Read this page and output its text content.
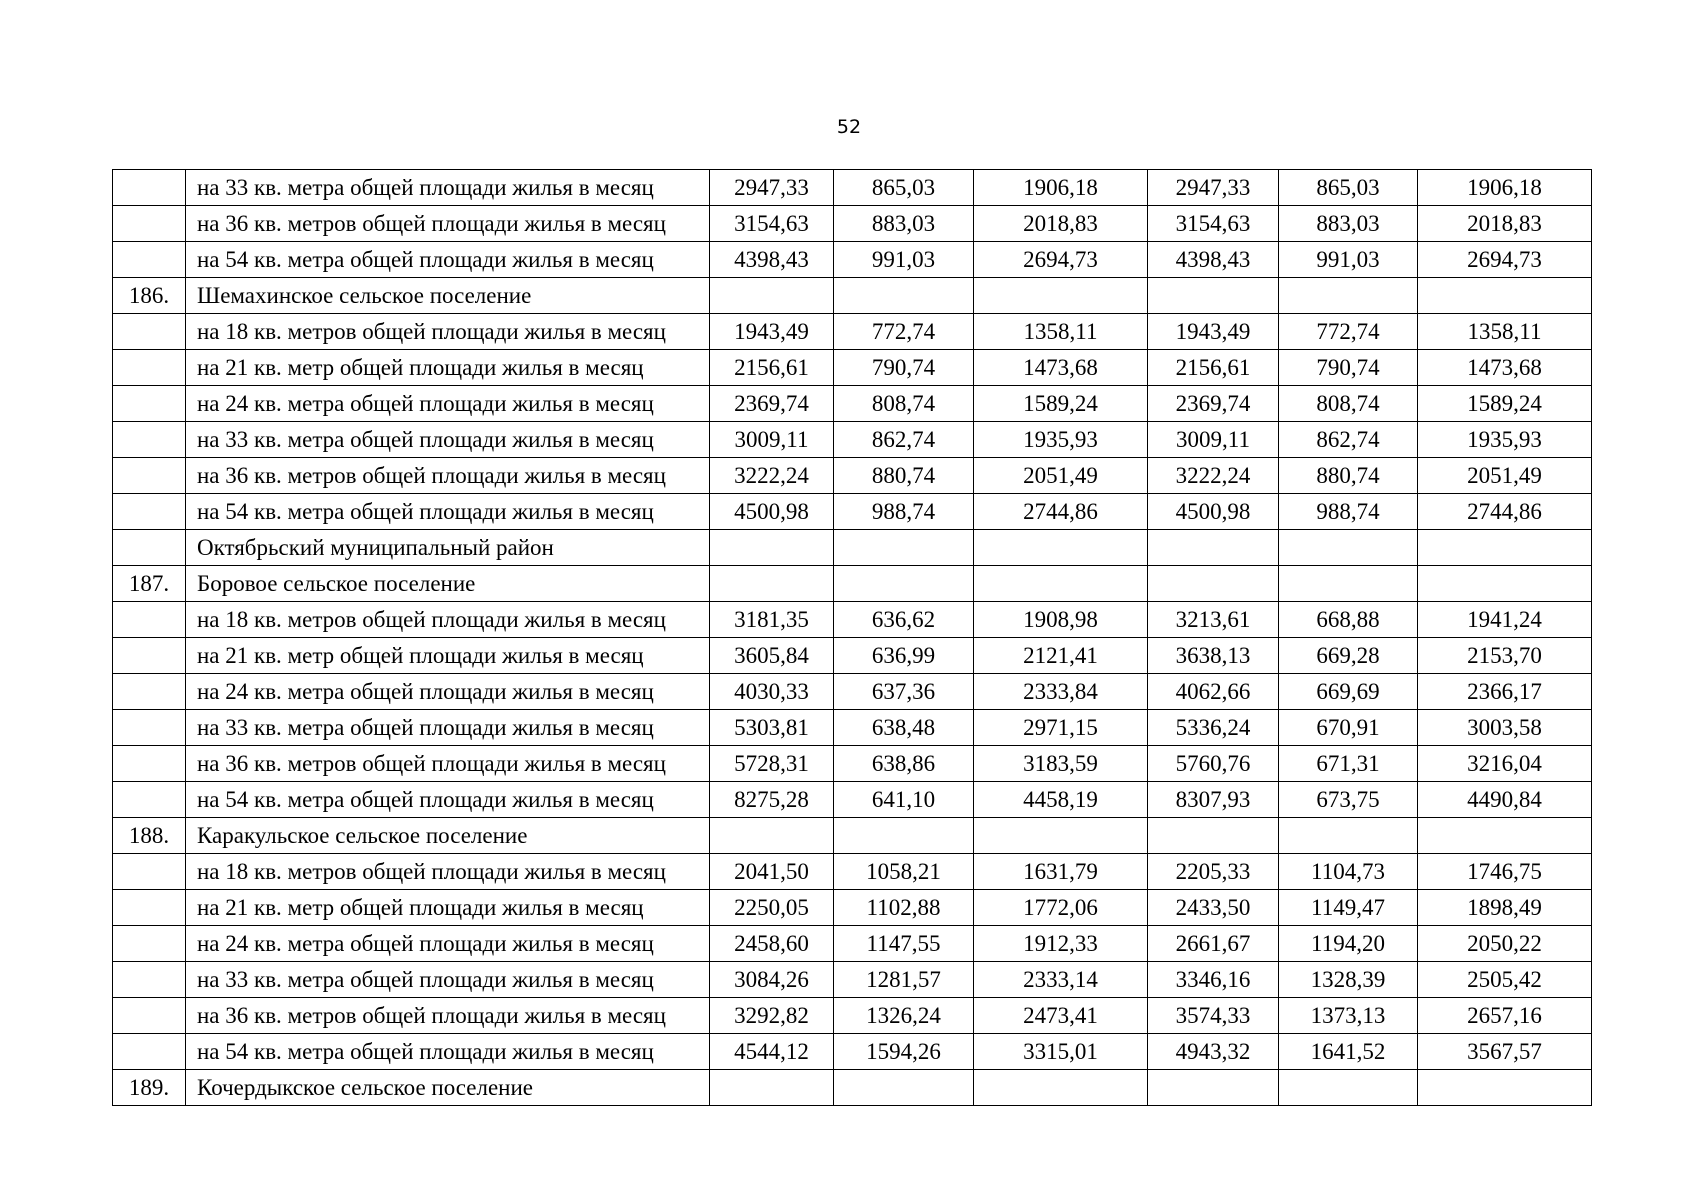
52
	на 33 кв. метра общей площади жилья в месяц	2947,33	865,03	1906,18	2947,33	865,03	1906,18
	на 36 кв. метров общей площади жилья в месяц	3154,63	883,03	2018,83	3154,63	883,03	2018,83
	на 54 кв. метра общей площади жилья в месяц	4398,43	991,03	2694,73	4398,43	991,03	2694,73
186.	Шемахинское сельское поселение						
	на 18 кв. метров общей площади жилья в месяц	1943,49	772,74	1358,11	1943,49	772,74	1358,11
	на 21 кв. метр общей площади жилья в месяц	2156,61	790,74	1473,68	2156,61	790,74	1473,68
	на 24 кв. метра общей площади жилья в месяц	2369,74	808,74	1589,24	2369,74	808,74	1589,24
	на 33 кв. метра общей площади жилья в месяц	3009,11	862,74	1935,93	3009,11	862,74	1935,93
	на 36 кв. метров общей площади жилья в месяц	3222,24	880,74	2051,49	3222,24	880,74	2051,49
	на 54 кв. метра общей площади жилья в месяц	4500,98	988,74	2744,86	4500,98	988,74	2744,86
	Октябрьский муниципальный район						
187.	Боровое сельское поселение						
	на 18 кв. метров общей площади жилья в месяц	3181,35	636,62	1908,98	3213,61	668,88	1941,24
	на 21 кв. метр общей площади жилья в месяц	3605,84	636,99	2121,41	3638,13	669,28	2153,70
	на 24 кв. метра общей площади жилья в месяц	4030,33	637,36	2333,84	4062,66	669,69	2366,17
	на 33 кв. метра общей площади жилья в месяц	5303,81	638,48	2971,15	5336,24	670,91	3003,58
	на 36 кв. метров общей площади жилья в месяц	5728,31	638,86	3183,59	5760,76	671,31	3216,04
	на 54 кв. метра общей площади жилья в месяц	8275,28	641,10	4458,19	8307,93	673,75	4490,84
188.	Каракульское сельское поселение						
	на 18 кв. метров общей площади жилья в месяц	2041,50	1058,21	1631,79	2205,33	1104,73	1746,75
	на 21 кв. метр общей площади жилья в месяц	2250,05	1102,88	1772,06	2433,50	1149,47	1898,49
	на 24 кв. метра общей площади жилья в месяц	2458,60	1147,55	1912,33	2661,67	1194,20	2050,22
	на 33 кв. метра общей площади жилья в месяц	3084,26	1281,57	2333,14	3346,16	1328,39	2505,42
	на 36 кв. метров общей площади жилья в месяц	3292,82	1326,24	2473,41	3574,33	1373,13	2657,16
	на 54 кв. метра общей площади жилья в месяц	4544,12	1594,26	3315,01	4943,32	1641,52	3567,57
189.	Кочердыкское сельское поселение						
